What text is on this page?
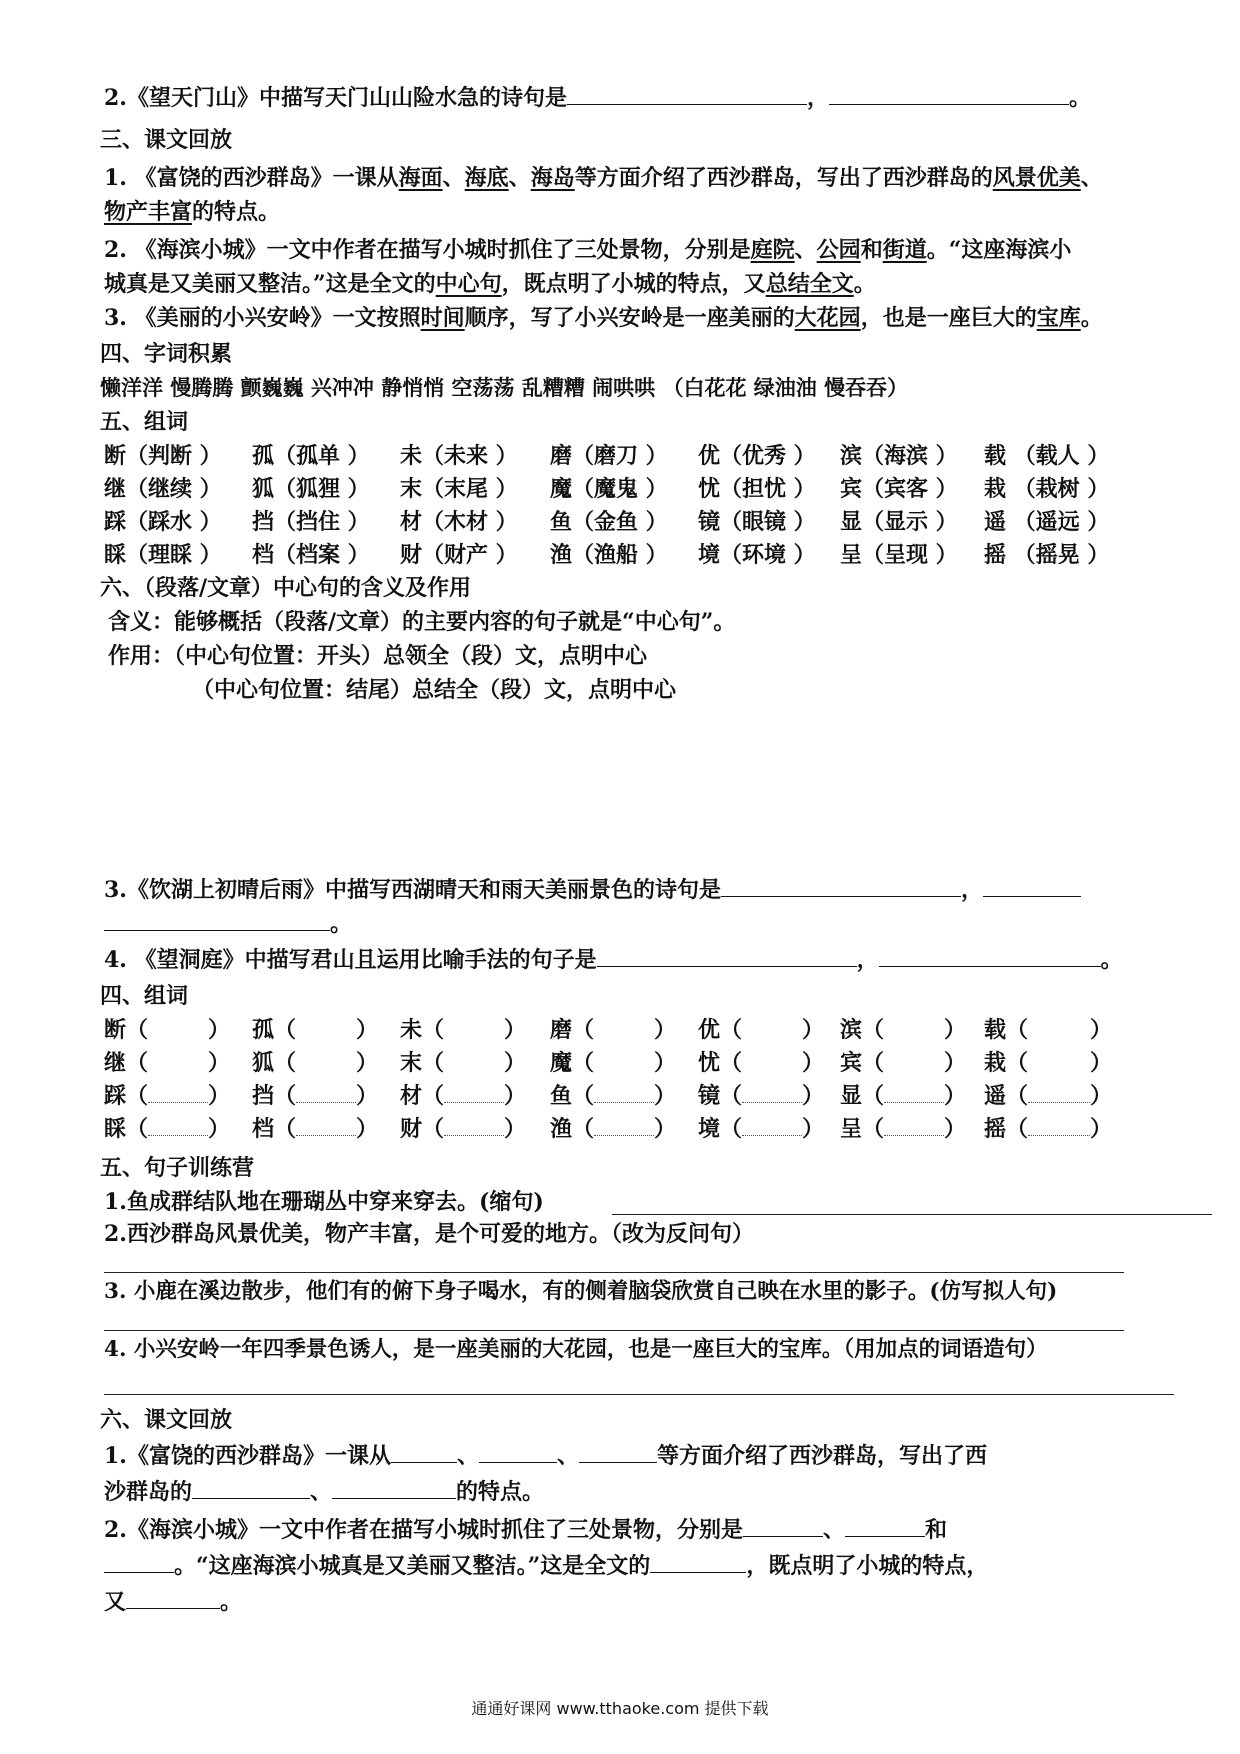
2.《望天门山》中描写天门山山险水急的诗句是	，	。
三、课文回放
1. 《富饶的西沙群岛》一课从海面、海底、海岛等方面介绍了西沙群岛，写出了西沙群岛的风景优美、
物产丰富的特点。
2. 《海滨小城》一文中作者在描写小城时抓住了三处景物，分别是庭院、公园和街道。“这座海滨小
城真是又美丽又整洁。”这是全文的中心句，既点明了小城的特点，又总结全文。
3. 《美丽的小兴安岭》一文按照时间顺序，写了小兴安岭是一座美丽的大花园，也是一座巨大的宝库。
四、字词积累
懒洋洋 慢腾腾 颤巍巍 兴冲冲 静悄悄 空荡荡 乱糟糟 闹哄哄 （白花花 绿油油 慢吞吞）
五、组词
断（判断 ） 孤（孤单 ） 未（未来 ） 磨（磨刀 ） 优（优秀 ） 滨（海滨 ） 载 （载人 ）
继（继续 ） 狐（狐狸 ） 末（末尾 ） 魔（魔鬼 ） 忧（担忧 ） 宾（宾客 ） 栽 （栽树 ）
踩（踩水 ） 挡（挡住 ） 材（木材 ） 鱼（金鱼 ） 镜（眼镜 ） 显（显示 ） 遥 （遥远 ）
睬（理睬 ） 档（档案 ） 财（财产 ） 渔（渔船 ） 境（环境 ） 呈（呈现 ） 摇 （摇晃 ）
六、（段落/文章）中心句的含义及作用
含义：能够概括（段落/文章）的主要内容的句子就是“中心句”。
作用：（中心句位置：开头）总领全（段）文，点明中心
（中心句位置：结尾）总结全（段）文，点明中心
3.《饮湖上初晴后雨》中描写西湖晴天和雨天美丽景色的诗句是	，
。
4. 《望洞庭》中描写君山且运用比喻手法的句子是	，	。
四、组词
断（	） 孤（	） 未（	） 磨（	） 优（	） 滨（	） 载（	）
继（	） 狐（	） 末（	） 魔（	） 忧（	） 宾（	） 栽（	）
踩（	） 挡（	） 材（	） 鱼（	） 镜（	） 显（	） 遥（	）
睬（	） 档（	） 财（	） 渔（	） 境（	） 呈（	） 摇（	）
五、句子训练营
1.鱼成群结队地在珊瑚丛中穿来穿去。(缩句)
2.西沙群岛风景优美，物产丰富，是个可爱的地方。（改为反问句）
3. 小鹿在溪边散步，他们有的俯下身子喝水，有的侧着脑袋欣赏自己映在水里的影子。(仿写拟人句)
4. 小兴安岭一年四季景色诱人，是一座美丽的大花园，也是一座巨大的宝库。（用加点的词语造句）
六、课文回放
1.《富饶的西沙群岛》一课从	、	、	等方面介绍了西沙群岛，写出了西
沙群岛的	、	的特点。
2.《海滨小城》一文中作者在描写小城时抓住了三处景物，分别是	、	和
。“这座海滨小城真是又美丽又整洁。”这是全文的	，既点明了小城的特点，
又	。
通通好课网 www.tthaoke.com 提供下载
